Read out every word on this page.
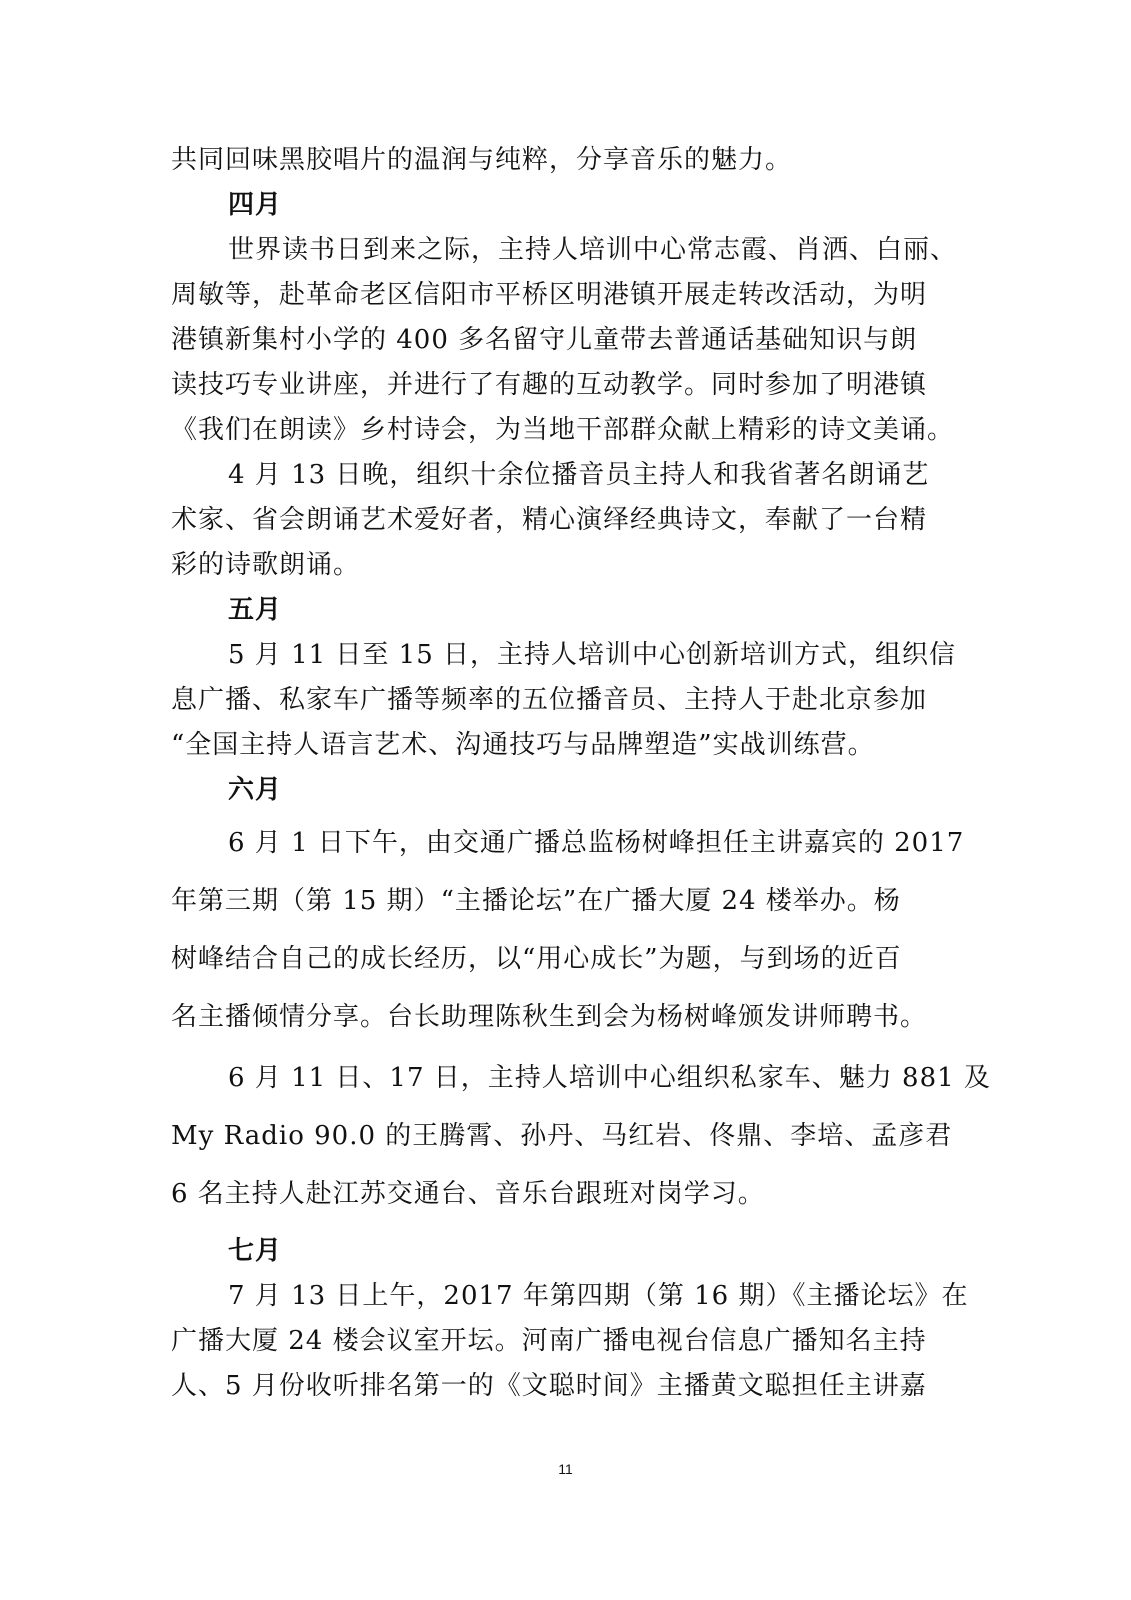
共同回味黑胶唱片的温润与纯粹，分享音乐的魅力。
四月
世界读书日到来之际，主持人培训中心常志霞、肖洒、白丽、
周敏等，赴革命老区信阳市平桥区明港镇开展走转改活动，为明
港镇新集村小学的 400 多名留守儿童带去普通话基础知识与朗
读技巧专业讲座，并进行了有趣的互动教学。同时参加了明港镇
《我们在朗读》乡村诗会，为当地干部群众献上精彩的诗文美诵。
4 月 13 日晚，组织十余位播音员主持人和我省著名朗诵艺
术家、省会朗诵艺术爱好者，精心演绎经典诗文，奉献了一台精
彩的诗歌朗诵。
五月
5 月 11 日至 15 日，主持人培训中心创新培训方式，组织信
息广播、私家车广播等频率的五位播音员、主持人于赴北京参加
“全国主持人语言艺术、沟通技巧与品牌塑造”实战训练营。
六月
6 月 1 日下午，由交通广播总监杨树峰担任主讲嘉宾的 2017
年第三期（第 15 期）“主播论坛”在广播大厦 24 楼举办。杨
树峰结合自己的成长经历，以“用心成长”为题，与到场的近百
名主播倾情分享。台长助理陈秋生到会为杨树峰颁发讲师聘书。
6 月 11 日、17 日，主持人培训中心组织私家车、魅力 881 及
My Radio 90.0 的王腾霄、孙丹、马红岩、佟鼎、李培、孟彦君
6 名主持人赴江苏交通台、音乐台跟班对岗学习。
七月
7 月 13 日上午，2017 年第四期（第 16 期）《主播论坛》在
广播大厦 24 楼会议室开坛。河南广播电视台信息广播知名主持
人、5 月份收听排名第一的《文聪时间》主播黄文聪担任主讲嘉
11
